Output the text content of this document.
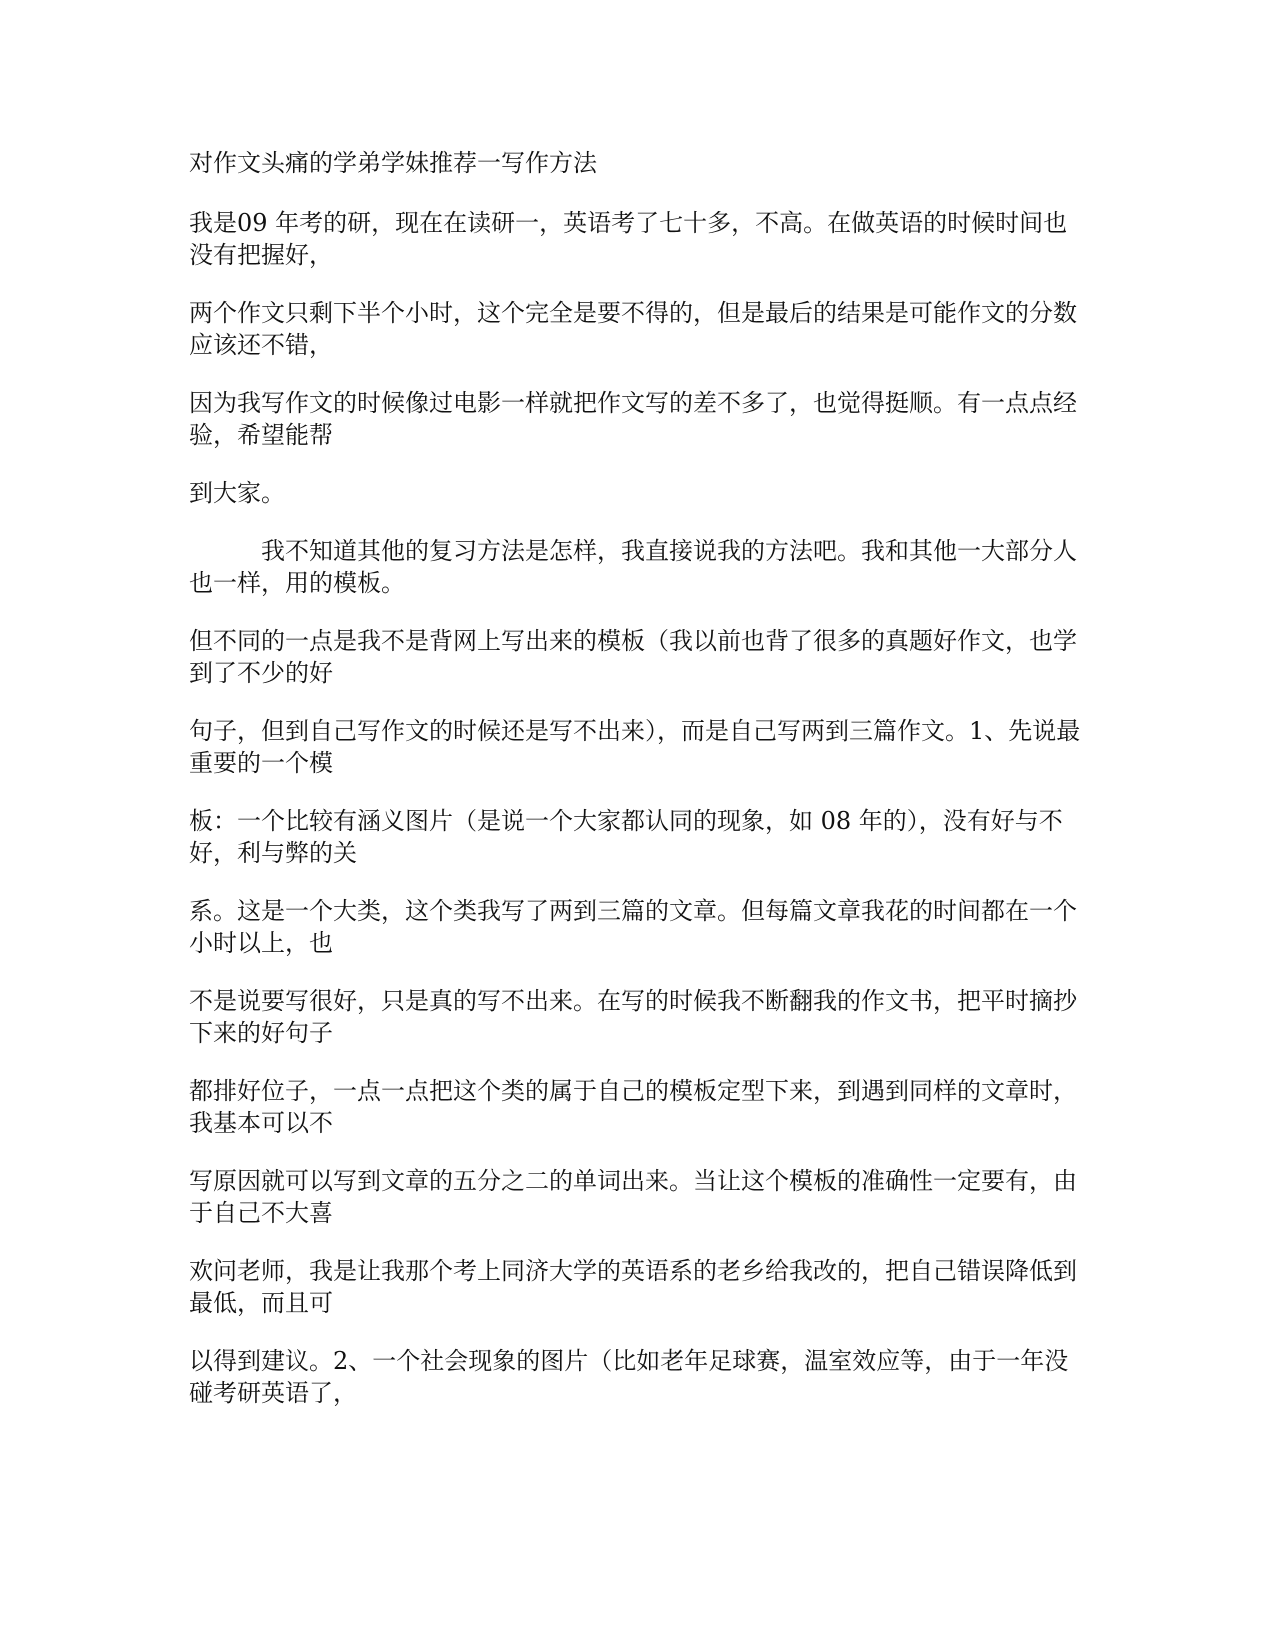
对作文头痛的学弟学妹推荐一写作方法

我是09 年考的研，现在在读研一，英语考了七十多，不高。在做英语的时候时间也没有把握好，

两个作文只剩下半个小时，这个完全是要不得的，但是最后的结果是可能作文的分数应该还不错，

因为我写作文的时候像过电影一样就把作文写的差不多了，也觉得挺顺。有一点点经验，希望能帮

到大家。

我不知道其他的复习方法是怎样，我直接说我的方法吧。我和其他一大部分人也一样，用的模板。

但不同的一点是我不是背网上写出来的模板（我以前也背了很多的真题好作文，也学到了不少的好

句子，但到自己写作文的时候还是写不出来），而是自己写两到三篇作文。1、先说最重要的一个模

板：一个比较有涵义图片（是说一个大家都认同的现象，如 08 年的），没有好与不好，利与弊的关

系。这是一个大类，这个类我写了两到三篇的文章。但每篇文章我花的时间都在一个小时以上，也

不是说要写很好，只是真的写不出来。在写的时候我不断翻我的作文书，把平时摘抄下来的好句子

都排好位子，一点一点把这个类的属于自己的模板定型下来，到遇到同样的文章时，我基本可以不

写原因就可以写到文章的五分之二的单词出来。当让这个模板的准确性一定要有，由于自己不大喜

欢问老师，我是让我那个考上同济大学的英语系的老乡给我改的，把自己错误降低到最低，而且可

以得到建议。2、一个社会现象的图片（比如老年足球赛，温室效应等，由于一年没碰考研英语了，
